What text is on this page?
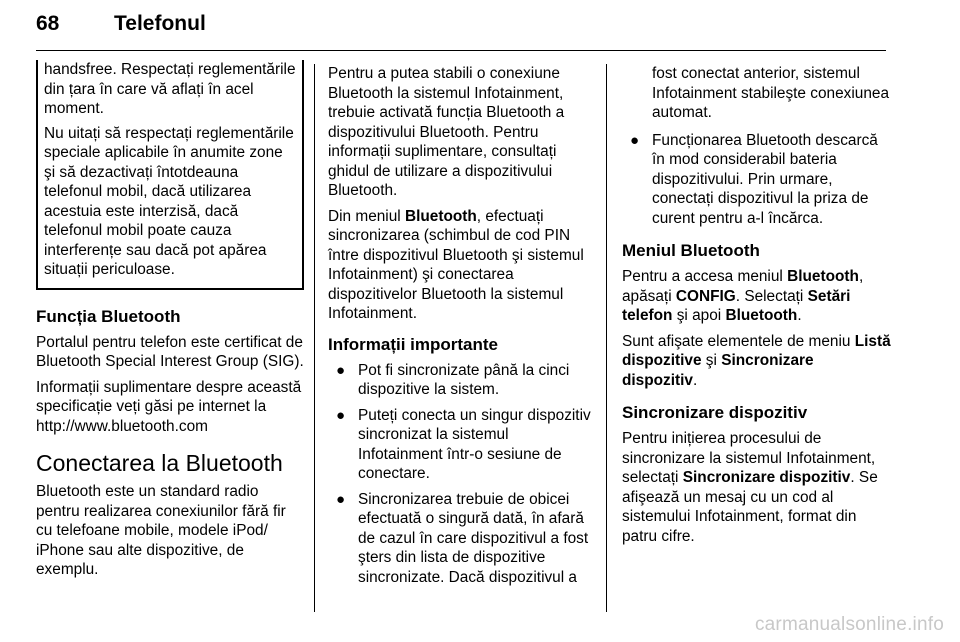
68	Telefonul

handsfree. Respectați reglementările din țara în care vă aflați în acel moment.

Nu uitați să respectați reglementările speciale aplicabile în anumite zone şi să dezactivați întotdeauna telefonul mobil, dacă utilizarea acestuia este interzisă, dacă telefonul mobil poate cauza interferențe sau dacă pot apărea situații periculoase.

Funcția Bluetooth

Portalul pentru telefon este certificat de Bluetooth Special Interest Group (SIG).

Informații suplimentare despre această specificație veți găsi pe internet la http://www.bluetooth.com

Conectarea la Bluetooth

Bluetooth este un standard radio pentru realizarea conexiunilor fără fir cu telefoane mobile, modele iPod/ iPhone sau alte dispozitive, de exemplu.

Pentru a putea stabili o conexiune Bluetooth la sistemul Infotainment, trebuie activată funcția Bluetooth a dispozitivului Bluetooth. Pentru informații suplimentare, consultați ghidul de utilizare a dispozitivului Bluetooth.

Din meniul Bluetooth, efectuați sincronizarea (schimbul de cod PIN între dispozitivul Bluetooth şi sistemul Infotainment) şi conectarea dispozitivelor Bluetooth la sistemul Infotainment.

Informații importante
● Pot fi sincronizate până la cinci dispozitive la sistem.
● Puteți conecta un singur dispozitiv sincronizat la sistemul Infotainment într-o sesiune de conectare.
● Sincronizarea trebuie de obicei efectuată o singură dată, în afară de cazul în care dispozitivul a fost şters din lista de dispozitive sincronizate. Dacă dispozitivul a
fost conectat anterior, sistemul Infotainment stabileşte conexiunea automat.
● Funcționarea Bluetooth descarcă în mod considerabil bateria dispozitivului. Prin urmare, conectați dispozitivul la priza de curent pentru a-l încărca.
Meniul Bluetooth

Pentru a accesa meniul Bluetooth, apăsați CONFIG. Selectați Setări telefon şi apoi Bluetooth.

Sunt afişate elementele de meniu Listă dispozitive şi Sincronizare dispozitiv.

Sincronizare dispozitiv

Pentru inițierea procesului de sincronizare la sistemul Infotainment, selectați Sincronizare dispozitiv. Se afişează un mesaj cu un cod al sistemului Infotainment, format din patru cifre.

carmanualsonline.info
